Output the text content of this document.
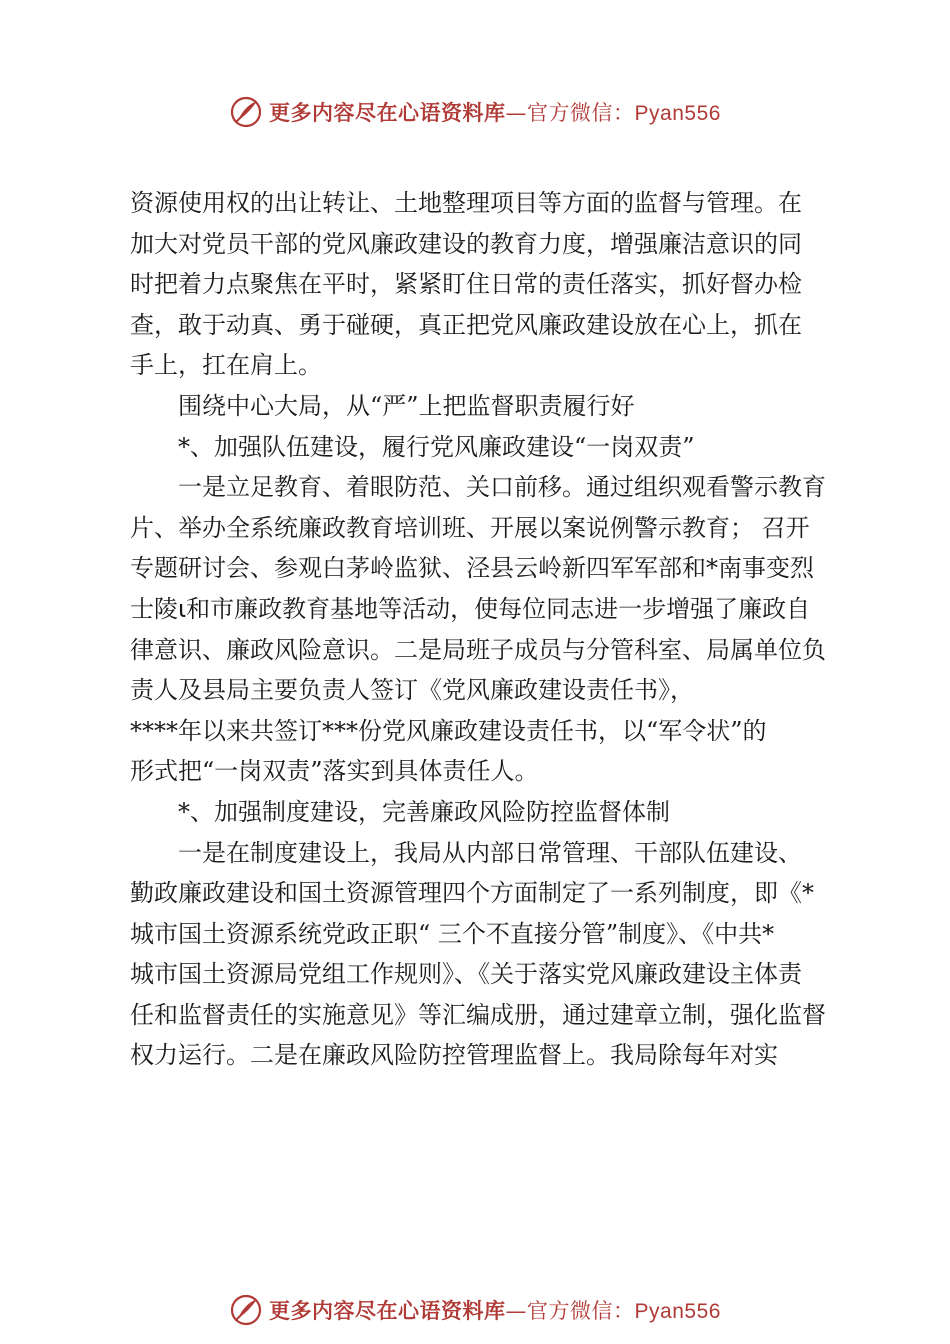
更多内容尽在心语资料库—官方微信：Pyan556

资源使用权的出让转让、土地整理项目等方面的监督与管理。在

加大对党员干部的党风廉政建设的教育力度，增强廉洁意识的同

时把着力点聚焦在平时，紧紧盯住日常的责任落实，抓好督办检

查，敢于动真、勇于碰硬，真正把党风廉政建设放在心上，抓在

手上，扛在肩上。

围绕中心大局，从“严”上把监督职责履行好

*、加强队伍建设，履行党风廉政建设“一岗双责”

一是立足教育、着眼防范、关口前移。通过组织观看警示教育

片、举办全系统廉政教育培训班、开展以案说例警示教育； 召开

专题研讨会、参观白茅岭监狱、泾县云岭新四军军部和*南事变烈

士陵⍳和市廉政教育基地等活动，使每位同志进一步增强了廉政自

律意识、廉政风险意识。二是局班子成员与分管科室、局属单位负

责人及县局主要负责人签订《党风廉政建设责任书》，

****年以来共签订***份党风廉政建设责任书，以“军令状”的

形式把“一岗双责”落实到具体责任人。

*、加强制度建设，完善廉政风险防控监督体制

一是在制度建设上，我局从内部日常管理、干部队伍建设、

勤政廉政建设和国土资源管理四个方面制定了一系列制度，即《*

城市国土资源系统党政正职“ 三个不直接分管”制度》、《中共*

城市国土资源局党组工作规则》、《关于落实党风廉政建设主体责

任和监督责任的实施意见》等汇编成册，通过建章立制，强化监督

权力运行。二是在廉政风险防控管理监督上。我局除每年对实

更多内容尽在心语资料库—官方微信：Pyan556
